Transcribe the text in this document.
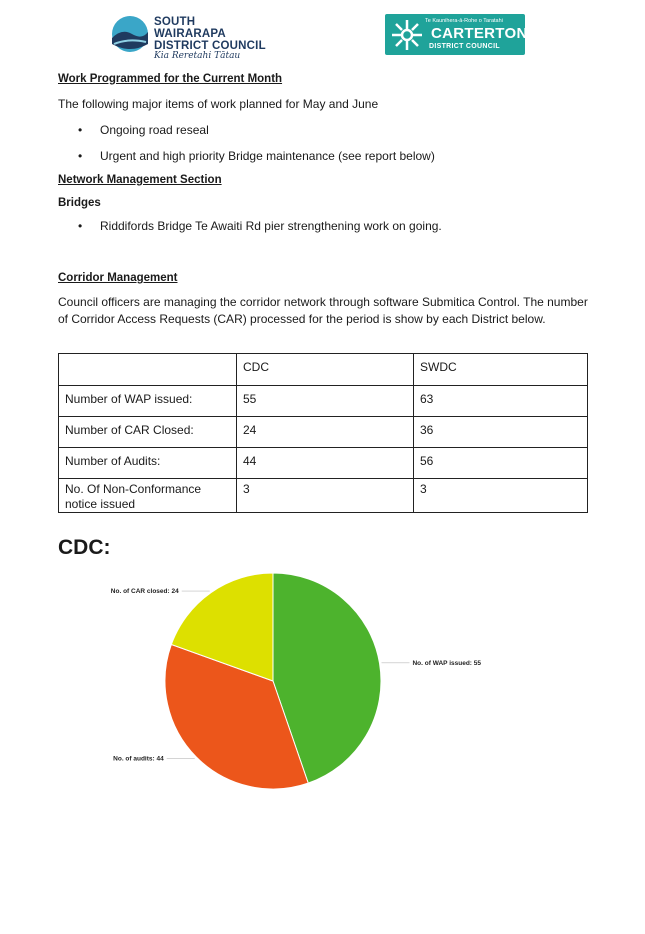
SOUTH WAIRARAPA
DISTRICT COUNCIL
Kia Reretahi Tātau
Te Kaunihera-ā-Rohe o Taratahi
CARTERTON
DISTRICT COUNCIL

Work Programmed for the Current Month

The following major items of work planned for May and June

• Ongoing road reseal
• Urgent and high priority Bridge maintenance (see report below)

Network Management Section

Bridges

• Riddifords Bridge Te Awaiti Rd pier strengthening work on going.

Corridor Management

Council officers are managing the corridor network through software Submitica Control. The number of Corridor Access Requests (CAR) processed for the period is show by each District below.

	CDC	SWDC
Number of WAP issued:	55	63
Number of CAR Closed:	24	36
Number of Audits:	44	56
No. Of Non-Conformance notice issued	3	3

CDC:

No. of WAP issued: 55
No. of audits: 44
No. of CAR closed: 24
